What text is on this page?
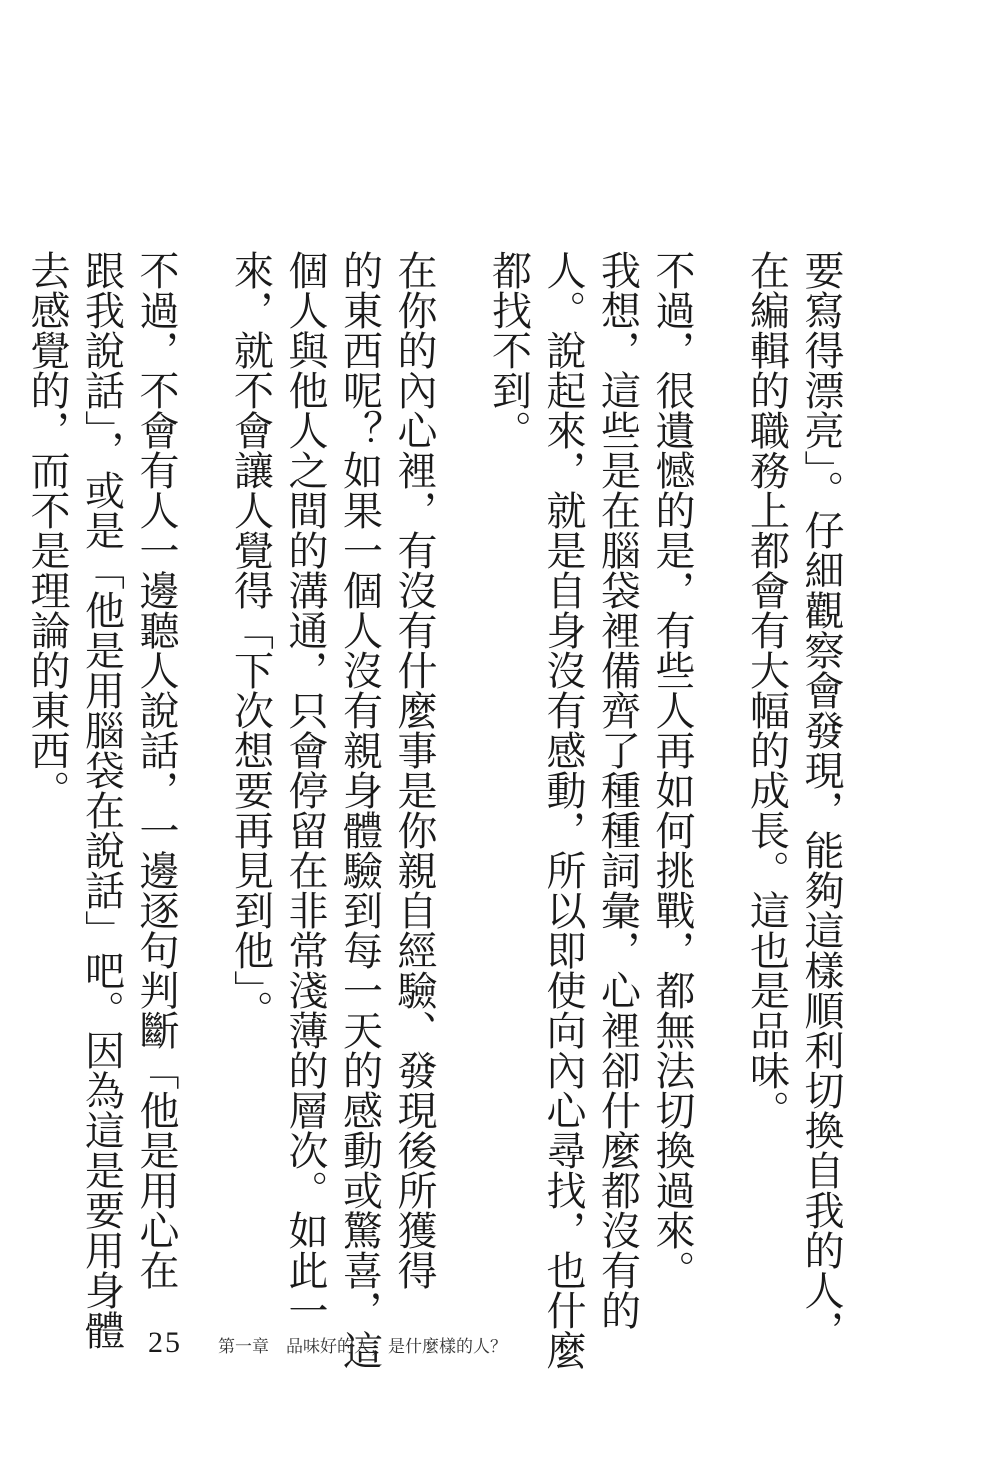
要寫得漂亮」。仔細觀察會發現，能夠這樣順利切換自我的人，
在編輯的職務上都會有大幅的成長。這也是品味。
不過，很遺憾的是，有些人再如何挑戰，都無法切換過來。
我想，這些是在腦袋裡備齊了種種詞彙，心裡卻什麼都沒有的
人。說起來，就是自身沒有感動，所以即使向內心尋找，也什麼
都找不到。
在你的內心裡，有沒有什麼事是你親自經驗、發現後所獲得
的東西呢？如果一個人沒有親身體驗到每一天的感動或驚喜，這
個人與他人之間的溝通，只會停留在非常淺薄的層次。如此一
來，就不會讓人覺得「下次想要再見到他」。
不過，不會有人一邊聽人說話，一邊逐句判斷「他是用心在
跟我說話」，或是「他是用腦袋在說話」吧。因為這是要用身體
去感覺的，而不是理論的東西。
25 第一章　品味好的人，是什麼樣的人？
